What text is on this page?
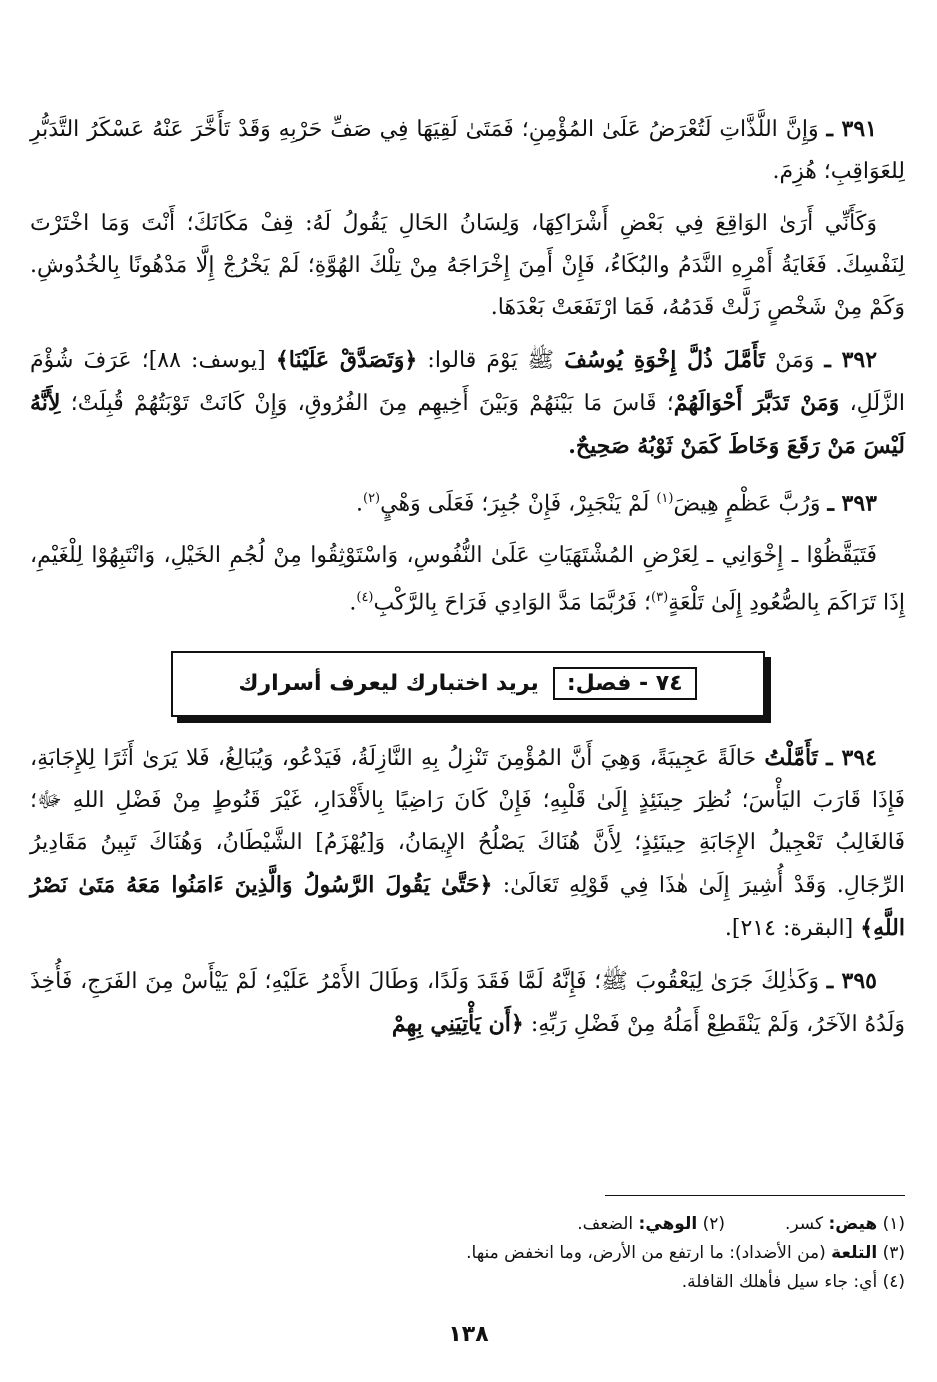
٣٩١ ـ وَإِنَّ اللَّذَّاتِ لَتُعْرَضُ عَلَىٰ المُؤْمِنِ؛ فَمَتَىٰ لَقِيَهَا فِي صَفِّ حَرْبِهِ وَقَدْ تَأَخَّرَ عَنْهُ عَسْكَرُ التَّدَبُّرِ لِلعَوَاقِبِ؛ هُزِمَ.

وَكَأَنِّي أَرَىٰ الوَاقِعَ فِي بَعْضِ أَشْرَاكِهَا، وَلِسَانُ الحَالِ يَقُولُ لَهُ: قِفْ مَكَانَكَ؛ أَنْتَ وَمَا اخْتَرْتَ لِنَفْسِكَ. فَغَايَةُ أَمْرِهِ النَّدَمُ والبُكَاءُ، فَإِنْ أَمِنَ إِخْرَاجَهُ مِنْ تِلْكَ الهُوَّةِ؛ لَمْ يَخْرُجْ إِلَّا مَدْهُونًا بِالخُدُوشِ. وَكَمْ مِنْ شَخْصٍ زَلَّتْ قَدَمُهُ، فَمَا ارْتَفَعَتْ بَعْدَهَا.

٣٩٢ ـ وَمَنْ تَأَمَّلَ ذُلَّ إِخْوَةِ يُوسُفَ ﷺ يَوْمَ قالوا: ﴿وَتَصَدَّقْ عَلَيْنَا﴾ [يوسف: ٨٨]؛ عَرَفَ شُؤْمَ الزَّلَلِ، وَمَنْ تَدَبَّرَ أَحْوَالَهُمْ؛ قَاسَ مَا بَيْنَهُمْ وَبَيْنَ أَخِيهِم مِنَ الفُرُوقِ، وَإِنْ كَانَتْ تَوْبَتُهُمْ قُبِلَتْ؛ لِأَنَّهُ لَيْسَ مَنْ رَقَعَ وَخَاطَ كَمَنْ ثَوْبُهُ صَحِيحٌ.

٣٩٣ ـ وَرُبَّ عَظْمٍ هِيضَ$^{(١)}$ لَمْ يَنْجَبِرْ، فَإِنْ جُبِرَ؛ فَعَلَى وَهْيٍ$^{(٢)}$.

فَتَيَقَّظُوْا ـ إِخْوَانِي ـ لِعَرْضِ المُشْتَهَيَاتِ عَلَىٰ النُّفُوسِ، وَاسْتَوْثِقُوا مِنْ لُجُمِ الخَيْلِ، وَانْتَبِهُوْا لِلْغَيْمِ، إِذَا تَرَاكَمَ بِالصُّعُودِ إِلَىٰ تَلْعَةٍ$^{(٣)}$؛ فَرُبَّمَا مَدَّ الوَادِي فَرَاحَ بِالرَّكْبِ$^{(٤)}$.

٧٤ - فصل:
يريد اختبارك ليعرف أسرارك

٣٩٤ ـ تَأَمَّلْتُ حَالَةً عَجِيبَةً، وَهِيَ أَنَّ المُؤْمِنَ تَنْزِلُ بِهِ النَّازِلَةُ، فَيَدْعُو، وَيُبَالِغُ، فَلا يَرَىٰ أَثَرًا لِلإِجَابَةِ، فَإِذَا قَارَبَ اليَأْسَ؛ نُظِرَ حِينَئِذٍ إِلَىٰ قَلْبِهِ؛ فَإِنْ كَانَ رَاضِيًا بِالأَقْدَارِ، غَيْرَ قَنُوطٍ مِنْ فَضْلِ اللهِ ﷻ؛ فَالغَالِبُ تَعْجِيلُ الإِجَابَةِ حِينَئِذٍ؛ لِأَنَّ هُنَاكَ يَصْلُحُ الإِيمَانُ، وَ[يُهْزَمُ] الشَّيْطَانُ، وَهُنَاكَ تَبِينُ مَقَادِيرُ الرِّجَالِ. وَقَدْ أُشِيرَ إِلَىٰ هٰذَا فِي قَوْلِهِ تَعَالَىٰ: ﴿حَتَّىٰ يَقُولَ الرَّسُولُ وَالَّذِينَ ءَامَنُوا مَعَهُ مَتَىٰ نَصْرُ اللَّهِ﴾ [البقرة: ٢١٤].

٣٩٥ ـ وَكَذٰلِكَ جَرَىٰ لِيَعْقُوبَ ﷺ؛ فَإِنَّهُ لَمَّا فَقَدَ وَلَدًا، وَطَالَ الأَمْرُ عَلَيْهِ؛ لَمْ يَيْأَسْ مِنَ الفَرَجِ، فَأُخِذَ وَلَدُهُ الآخَرُ، وَلَمْ يَنْقَطِعْ أَمَلُهُ مِنْ فَضْلِ رَبِّهِ: ﴿أَن يَأْتِيَنِي بِهِمْ

(١) هيض: كسر.
(٢) الوهي: الضعف.
(٣) التلعة (من الأضداد): ما ارتفع من الأرض، وما انخفض منها.
(٤) أي: جاء سيل فأهلك القافلة.
١٣٨
